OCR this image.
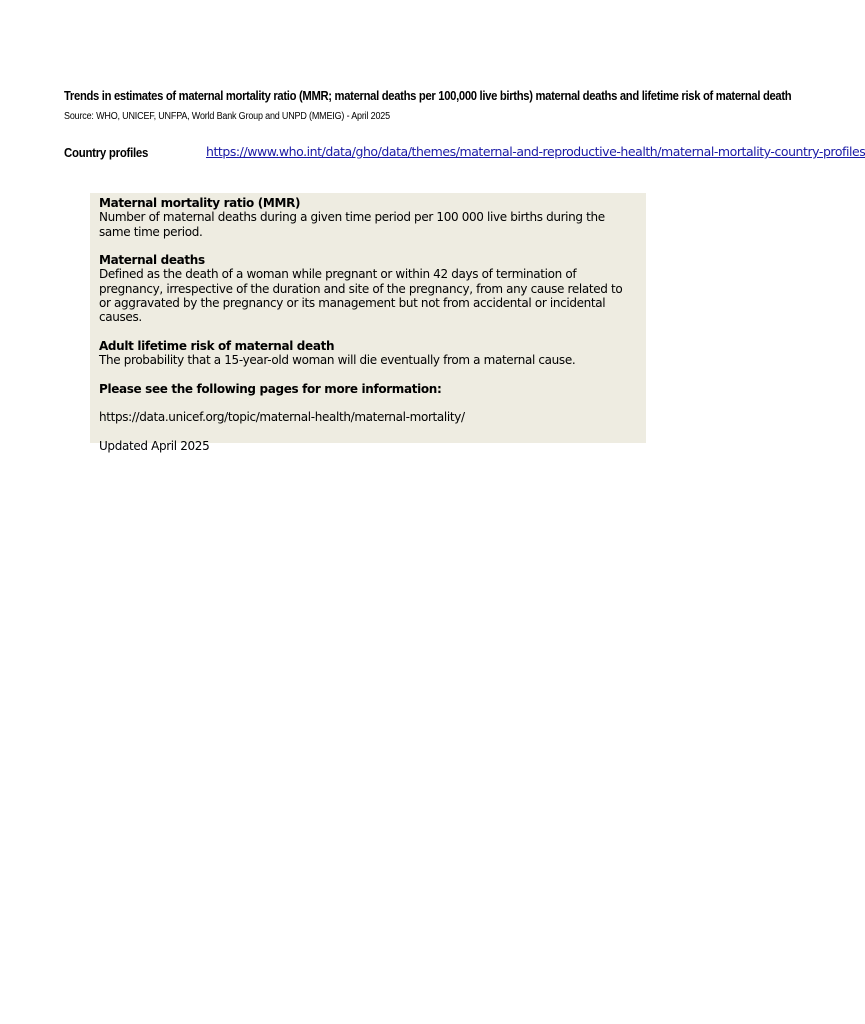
Trends in estimates of maternal mortality ratio (MMR; maternal deaths per 100,000 live births) maternal deaths and lifetime risk of maternal death
Source: WHO, UNICEF, UNFPA, World Bank Group and UNPD (MMEIG) - April 2025
Country profiles	https://www.who.int/data/gho/data/themes/maternal-and-reproductive-health/maternal-mortality-country-profiles

Maternal mortality ratio (MMR)

Number of maternal deaths during a given time period per 100 000 live births during the same time period.

Maternal deaths

Defined as the death of a woman while pregnant or within 42 days of termination of pregnancy, irrespective of the duration and site of the pregnancy, from any cause related to or aggravated by the pregnancy or its management but not from accidental or incidental causes.

Adult lifetime risk of maternal death

The probability that a 15-year-old woman will die eventually from a maternal cause.

Please see the following pages for more information:

https://data.unicef.org/topic/maternal-health/maternal-mortality/

Updated April 2025
